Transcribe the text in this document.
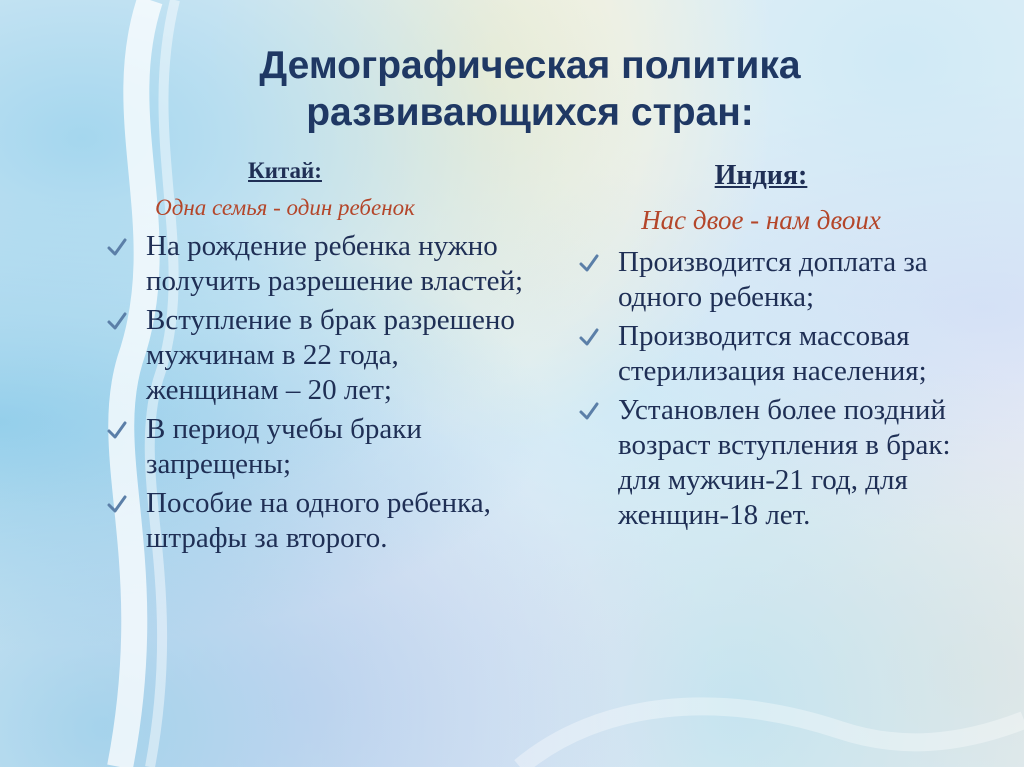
Демографическая политика
развивающихся стран:
Китай:
Одна семья - один ребенок
На рождение ребенка нужно получить разрешение властей;
Вступление в брак разрешено мужчинам в 22 года, женщинам – 20 лет;
В период учебы браки запрещены;
Пособие на одного ребенка, штрафы за второго.
Индия:
Нас двое - нам двоих
Производится доплата за одного ребенка;
Производится массовая стерилизация населения;
Установлен более поздний возраст вступления в брак: для мужчин-21 год, для женщин-18 лет.
